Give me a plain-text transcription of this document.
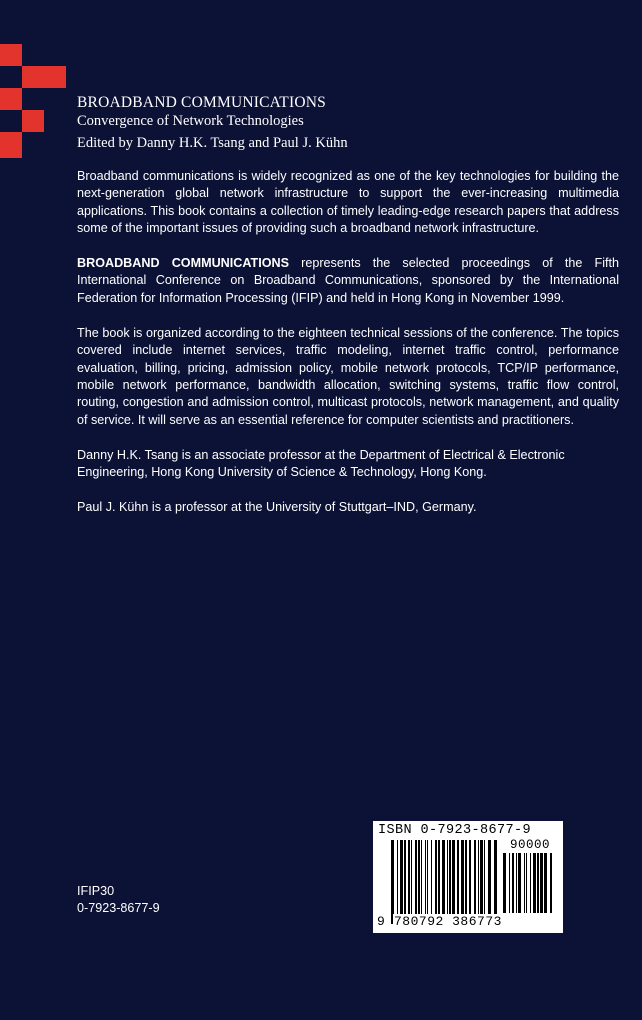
BROADBAND COMMUNICATIONS
Convergence of Network Technologies
Edited by Danny H.K. Tsang and Paul J. Kühn

Broadband communications is widely recognized as one of the key technologies for building the next-generation global network infrastructure to support the ever-increasing multimedia applications. This book contains a collection of timely leading-edge research papers that address some of the important issues of providing such a broadband network infrastructure.

BROADBAND COMMUNICATIONS represents the selected proceedings of the Fifth International Conference on Broadband Communications, sponsored by the International Federation for Information Processing (IFIP) and held in Hong Kong in November 1999.

The book is organized according to the eighteen technical sessions of the conference. The topics covered include internet services, traffic modeling, internet traffic control, performance evaluation, billing, pricing, admission policy, mobile network protocols, TCP/IP performance, mobile network performance, bandwidth allocation, switching systems, traffic flow control, routing, congestion and admission control, multicast protocols, network management, and quality of service. It will serve as an essential reference for computer scientists and practitioners.

Danny H.K. Tsang is an associate professor at the Department of Electrical & Electronic Engineering, Hong Kong University of Science & Technology, Hong Kong.

Paul J. Kühn is a professor at the University of Stuttgart–IND, Germany.

IFIP30
0-7923-8677-9
ISBN 0-7923-8677-9
90000
9 780792 386773
